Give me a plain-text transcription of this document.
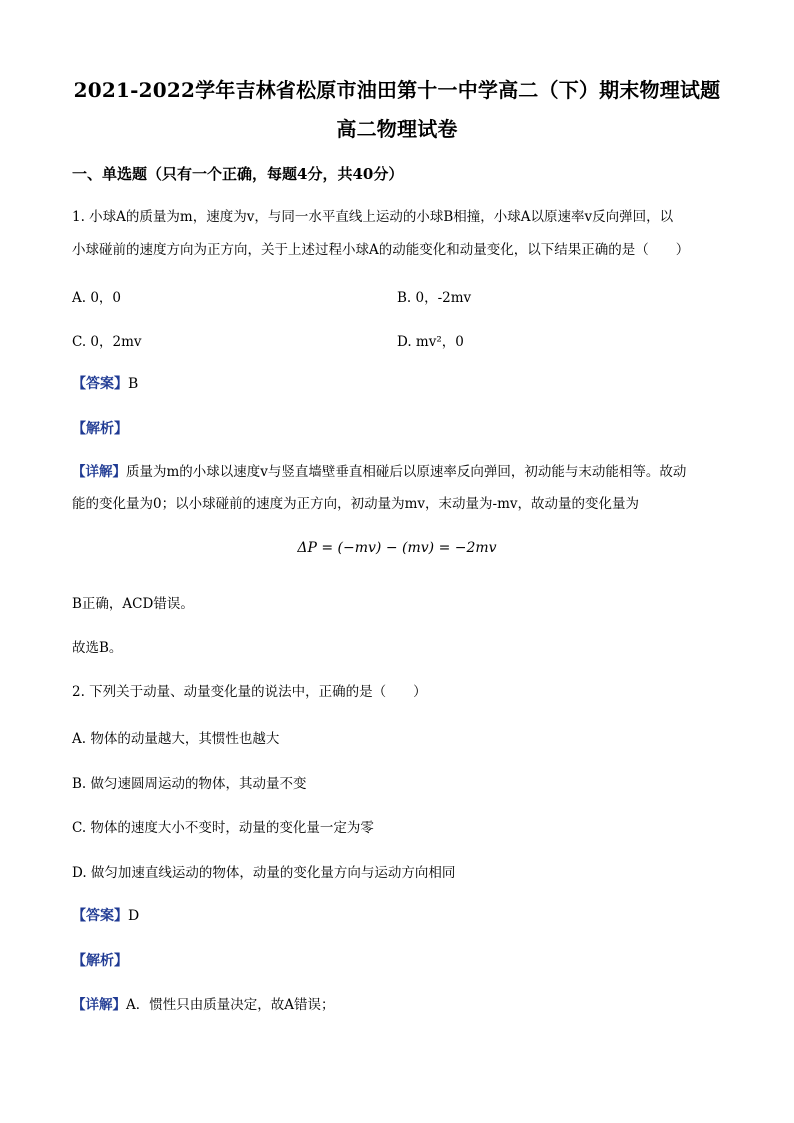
2021-2022学年吉林省松原市油田第十一中学高二（下）期末物理试题
高二物理试卷
一、单选题（只有一个正确，每题4分，共40分）
1. 小球A的质量为m，速度为v，与同一水平直线上运动的小球B相撞，小球A以原速率v反向弹回，以
小球碰前的速度方向为正方向，关于上述过程小球A的动能变化和动量变化，以下结果正确的是（　　）
A. 0，0	B. 0，-2mv
C. 0，2mv	D. mv²，0
【答案】B
【解析】
【详解】质量为m的小球以速度v与竖直墙壁垂直相碰后以原速率反向弹回，初动能与末动能相等。故动
能的变化量为0；以小球碰前的速度为正方向，初动量为mv，末动量为-mv，故动量的变化量为
ΔP = (−mv) − (mv) = −2mv
B正确，ACD错误。
故选B。
2. 下列关于动量、动量变化量的说法中，正确的是（　　）
A. 物体的动量越大，其惯性也越大
B. 做匀速圆周运动的物体，其动量不变
C. 物体的速度大小不变时，动量的变化量一定为零
D. 做匀加速直线运动的物体，动量的变化量方向与运动方向相同
【答案】D
【解析】
【详解】A．惯性只由质量决定，故A错误；
